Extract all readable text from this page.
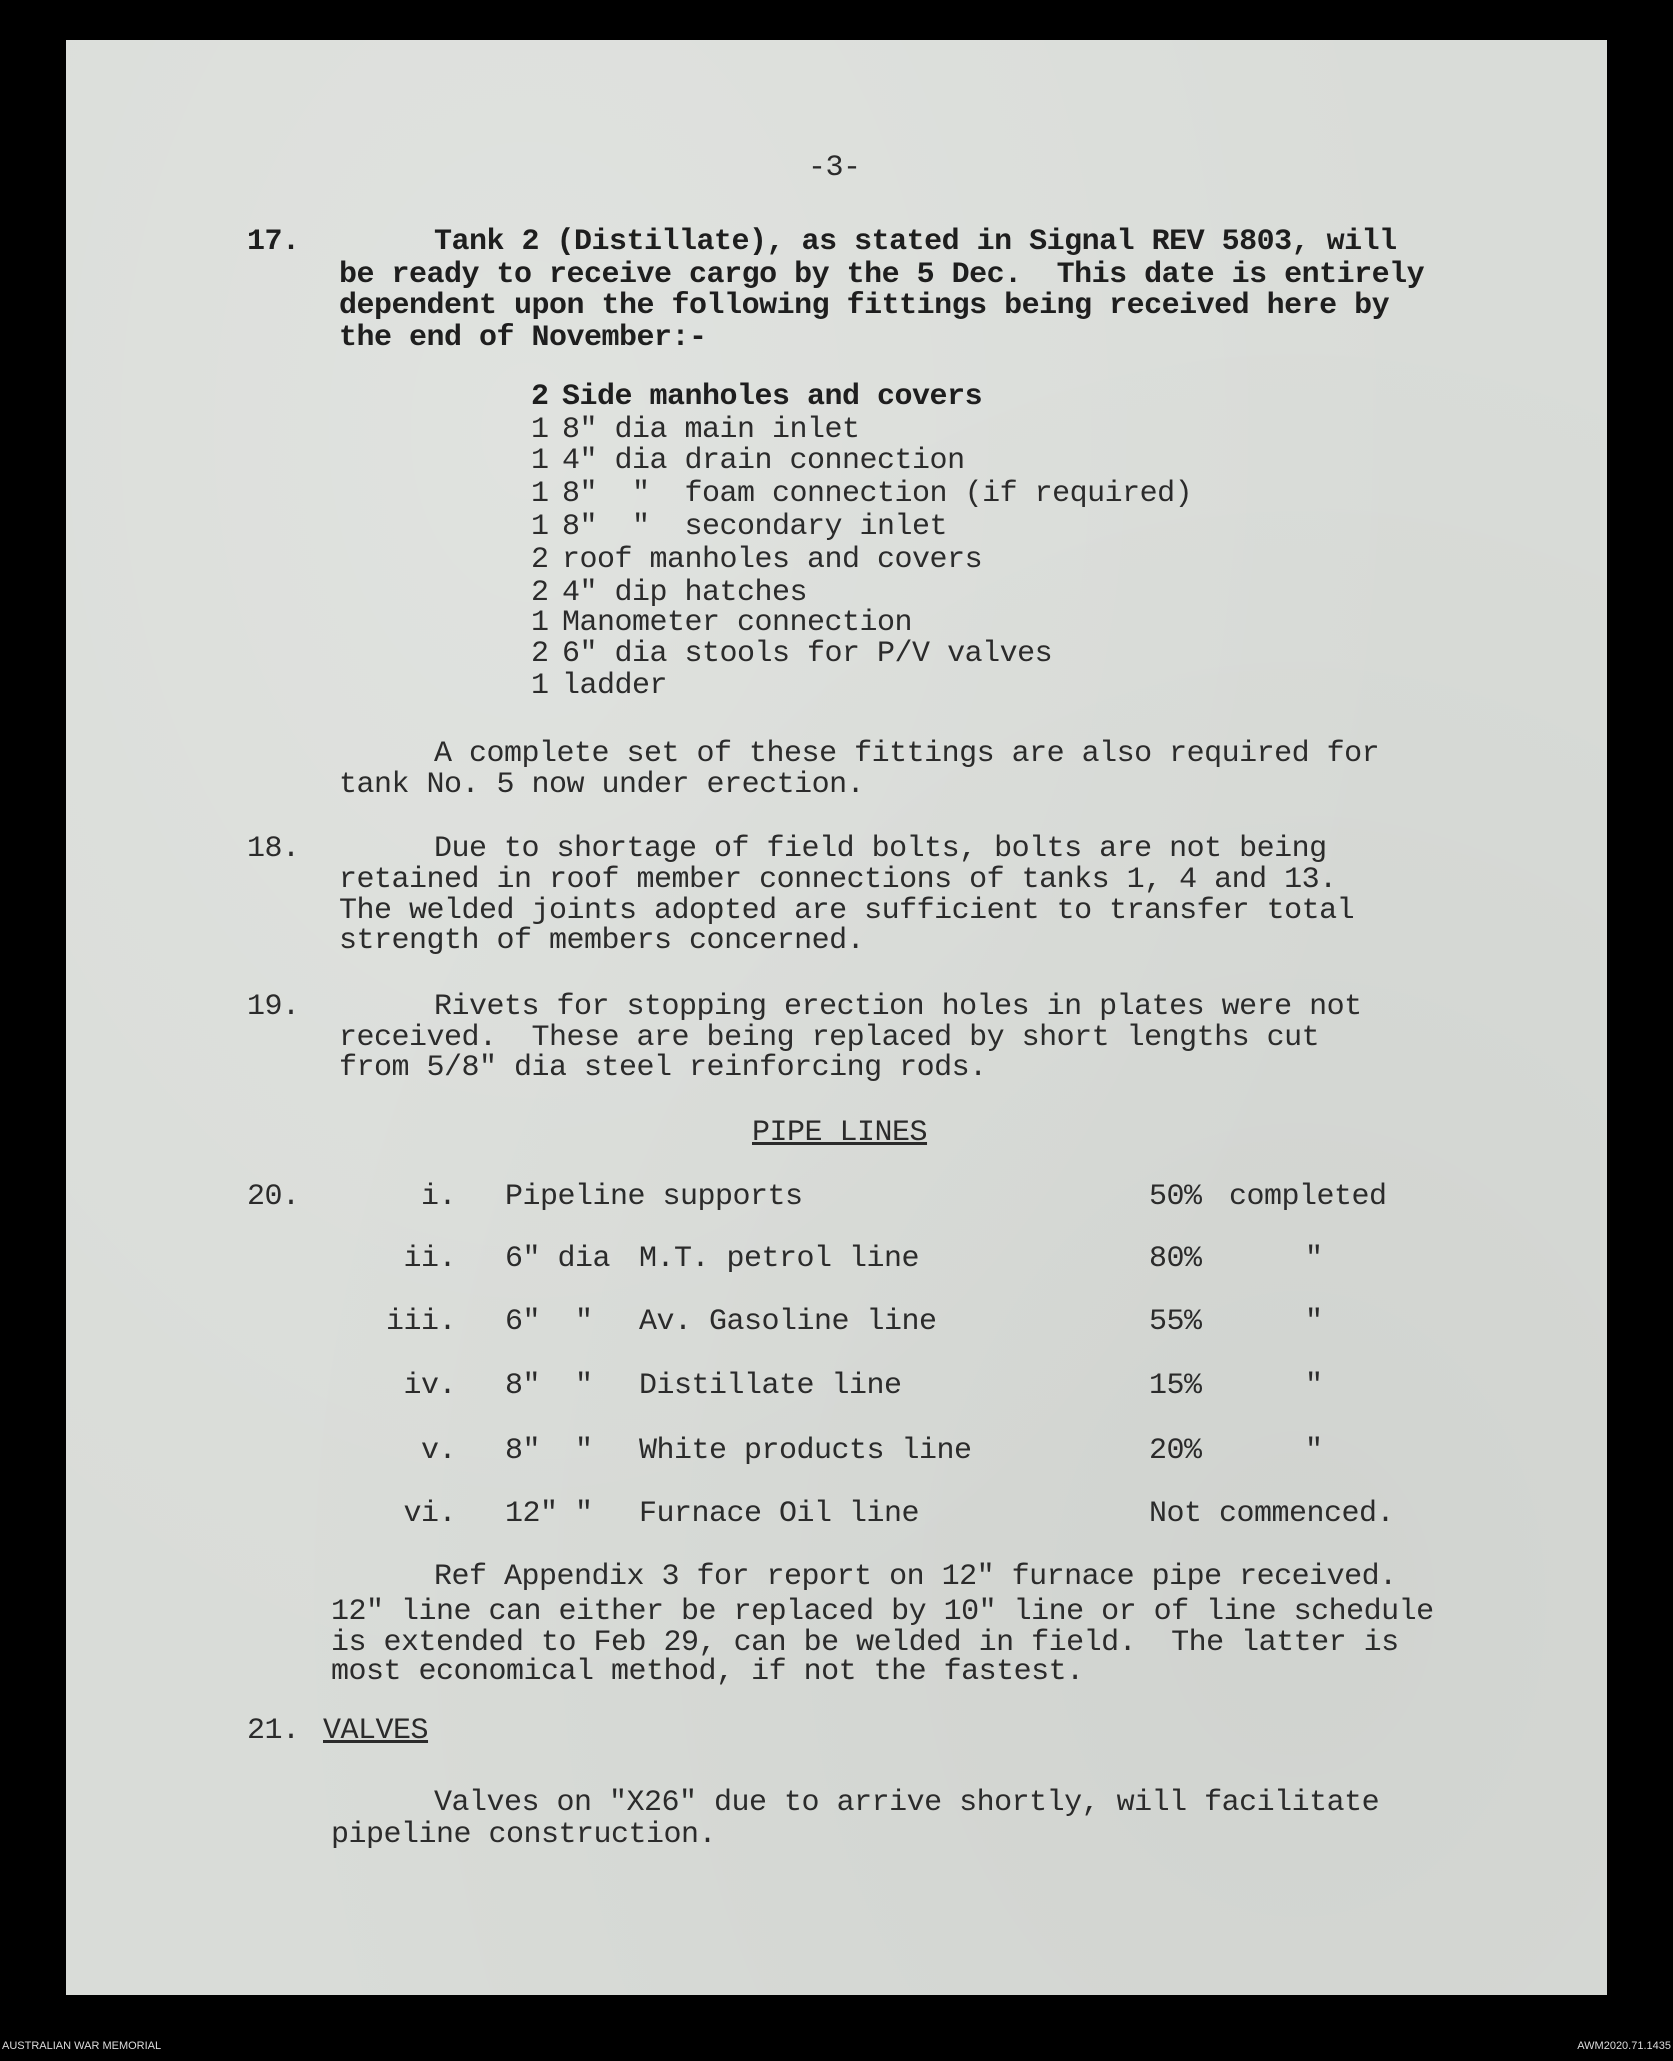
-3-
17.	Tank 2 (Distillate), as stated in Signal REV 5803, will
be ready to receive cargo by the 5 Dec.  This date is entirely
dependent upon the following fittings being received here by
the end of November:-
2 Side manholes and covers
1 8" dia main inlet
1 4" dia drain connection
1 8"  "  foam connection (if required)
1 8"  "  secondary inlet
2 roof manholes and covers
2 4" dip hatches
1 Manometer connection
2 6" dia stools for P/V valves
1 ladder
A complete set of these fittings are also required for
tank No. 5 now under erection.
18.	Due to shortage of field bolts, bolts are not being
retained in roof member connections of tanks 1, 4 and 13.
The welded joints adopted are sufficient to transfer total
strength of members concerned.
19.	Rivets for stopping erection holes in plates were not
received.  These are being replaced by short lengths cut
from 5/8" dia steel reinforcing rods.
PIPE LINES
20.	i. Pipeline supports	50% completed
ii. 6" dia M.T. petrol line	80%	"
iii. 6"  " Av. Gasoline line	55%	"
iv. 8"  " Distillate line	15%	"
v. 8"  " White products line	20%	"
vi. 12" " Furnace Oil line	Not commenced.
Ref Appendix 3 for report on 12" furnace pipe received.
12" line can either be replaced by 10" line or of line schedule
is extended to Feb 29, can be welded in field.  The latter is
most economical method, if not the fastest.
21. VALVES
Valves on "X26" due to arrive shortly, will facilitate
pipeline construction.
AUSTRALIAN WAR MEMORIAL	AWM2020.71.1435
